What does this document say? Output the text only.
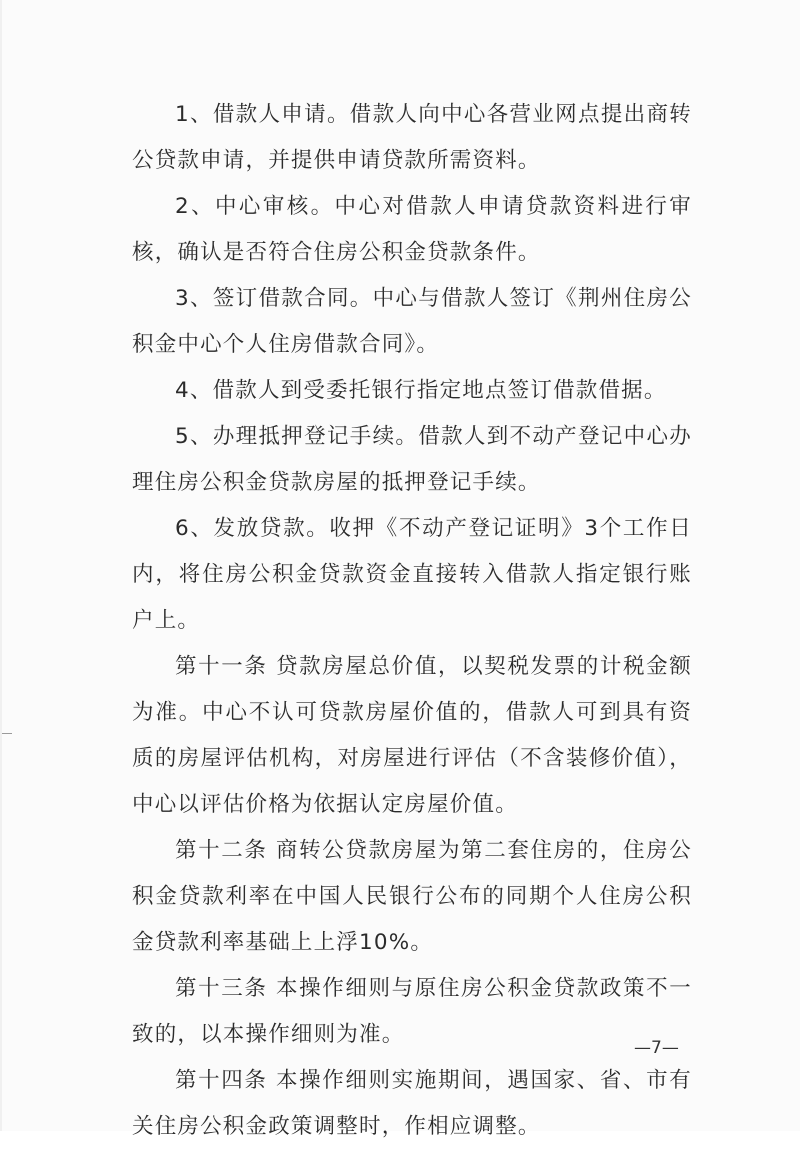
1、借款人申请。借款人向中心各营业网点提出商转公贷款申请，并提供申请贷款所需资料。

2、中心审核。中心对借款人申请贷款资料进行审核，确认是否符合住房公积金贷款条件。

3、签订借款合同。中心与借款人签订《荆州住房公积金中心个人住房借款合同》。

4、借款人到受委托银行指定地点签订借款借据。

5、办理抵押登记手续。借款人到不动产登记中心办理住房公积金贷款房屋的抵押登记手续。

6、发放贷款。收押《不动产登记证明》3个工作日内，将住房公积金贷款资金直接转入借款人指定银行账户上。

第十一条 贷款房屋总价值，以契税发票的计税金额为准。中心不认可贷款房屋价值的，借款人可到具有资质的房屋评估机构，对房屋进行评估（不含装修价值），中心以评估价格为依据认定房屋价值。

第十二条 商转公贷款房屋为第二套住房的，住房公积金贷款利率在中国人民银行公布的同期个人住房公积金贷款利率基础上上浮10%。

第十三条 本操作细则与原住房公积金贷款政策不一致的，以本操作细则为准。

第十四条 本操作细则实施期间，遇国家、省、市有关住房公积金政策调整时，作相应调整。

—7—
